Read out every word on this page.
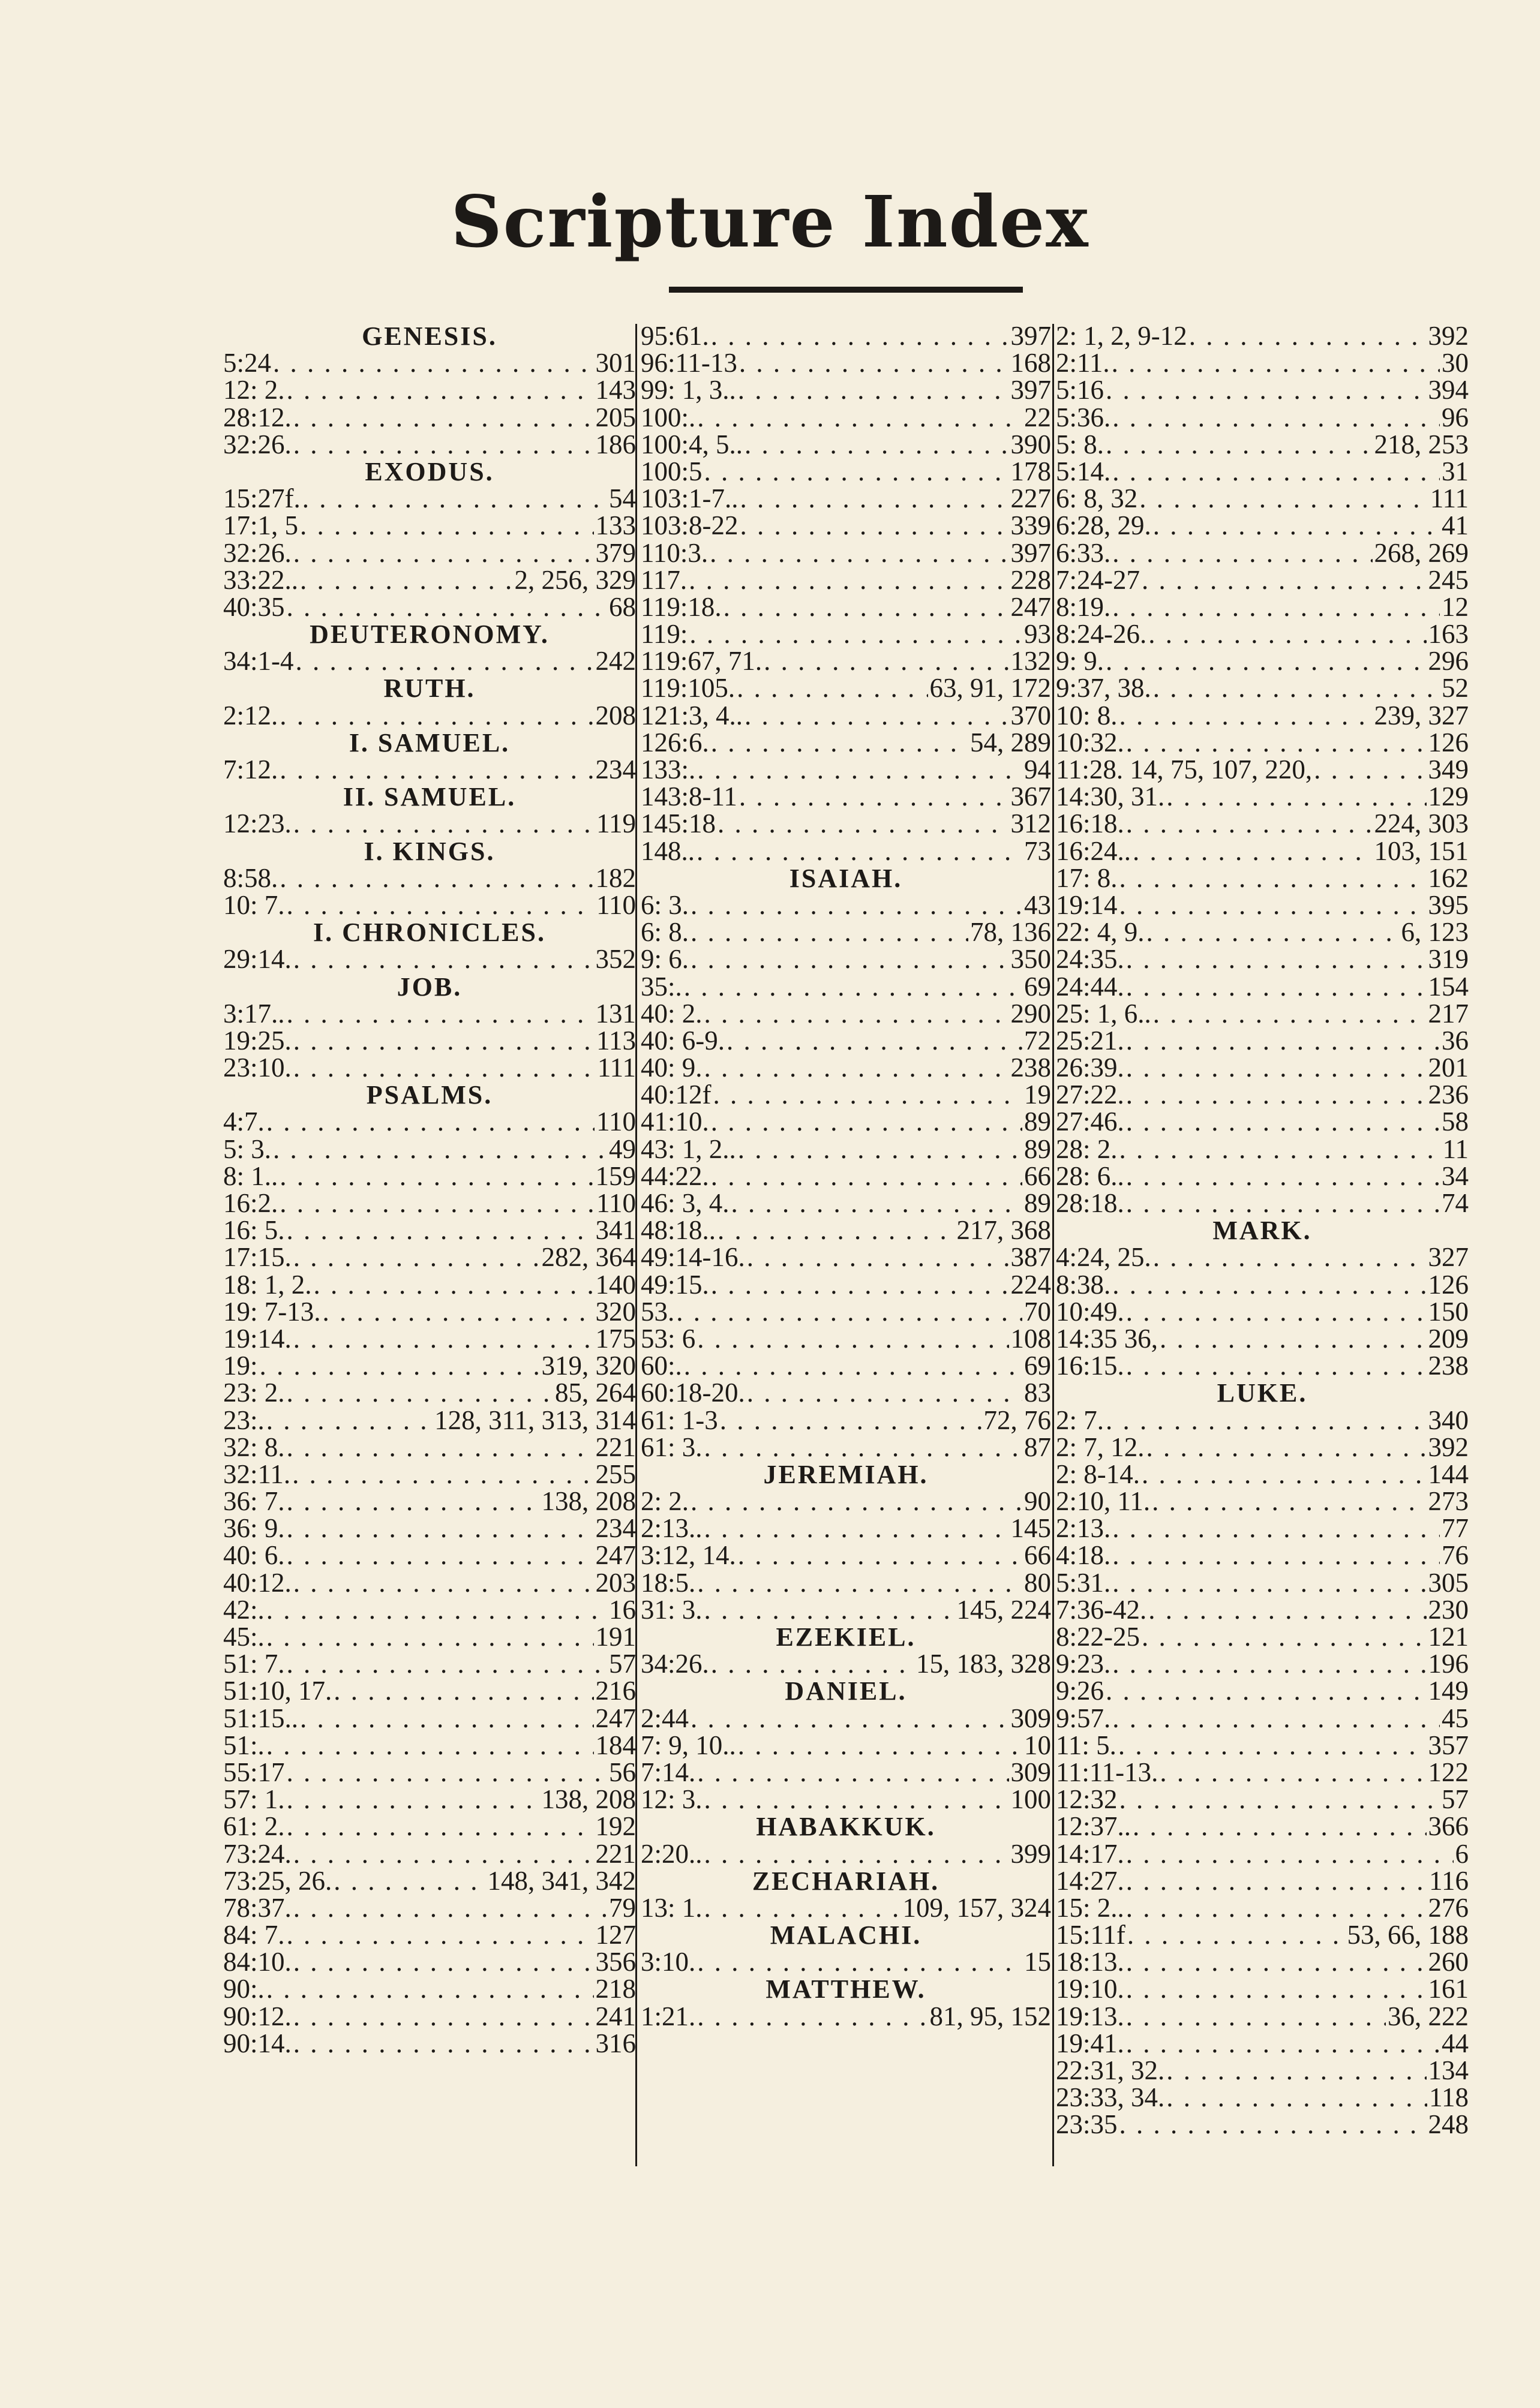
Scripture Index
GENESIS.
5:24 . . .	301
12: 2. . . .	143
28:12. . . .	205
32:26. . . .	186
EXODUS.
15:27f. . . .	54
17:1, 5 . . .	133
32:26. . . .	379
33:22.. . . .	2, 256, 329
40:35 . . .	68
DEUTERONOMY.
34:1-4 . . .	242
RUTH.
2:12. . . .	208
I. SAMUEL.
7:12. . . .	234
II. SAMUEL.
12:23. . . .	119
I. KINGS.
8:58. . . .	182
10: 7. . . .	110
I. CHRONICLES.
29:14. . . .	352
JOB.
3:17.. . . .	131
19:25. . . .	113
23:10. . . .	111
PSALMS.
4:7. . . .	110
5: 3. . . .	49
8: 1.. . . .	159
16:2. . . .	110
16: 5. . . .	341
17:15. . . .	282, 364
18: 1, 2. . . .	140
19: 7-13. . . .	320
19:14. . . .	175
19: . . .	319, 320
23: 2. . . .	85, 264
23:. . . .	128, 311, 313, 314
32: 8. . . .	221
32:11. . . .	255
36: 7. . . .	138, 208
36: 9. . . .	234
40: 6. . . .	247
40:12. . . .	203
42:. . . .	16
45:. . . .	191
51: 7. . . .	57
51:10, 17. . . .	216
51:15.. . . .	247
51:. . . .	184
55:17 . . .	56
57: 1. . . .	138, 208
61: 2. . . .	192
73:24. . . .	221
73:25, 26. . . .	148, 341, 342
78:37. . . .	79
84: 7. . . .	127
84:10. . . .	356
90:. . . .	218
90:12. . . .	241
90:14. . . .	316
95:61. . . .	397
96:11-13 . . .	168
99: 1, 3.. . . .	397
100:. . . .	22
100:4, 5.. . . .	390
100:5 . . .	178
103:1-7.. . . .	227
103:8-22 . . .	339
110:3. . . .	397
117. . . .	228
119:18. . . .	247
119: . . .	93
119:67, 71. . . .	132
119:105. . . .	63, 91, 172
121:3, 4.. . . .	370
126:6. . . .	54, 289
133:. . . .	94
143:8-11 . . .	367
145:18 . . .	312
148.. . . .	73
ISAIAH.
6: 3. . . .	43
6: 8. . . .	78, 136
9: 6. . . .	350
35:. . . .	69
40: 2. . . .	290
40: 6-9. . . .	72
40: 9. . . .	238
40:12f . . .	19
41:10. . . .	89
43: 1, 2.. . . .	89
44:22. . . .	66
46: 3, 4. . . .	89
48:18.. . . .	217, 368
49:14-16. . . .	387
49:15. . . .	224
53. . . .	70
53: 6 . . .	108
60:. . . .	69
60:18-20. . . .	83
61: 1-3 . . .	72, 76
61: 3. . . .	87
JEREMIAH.
2: 2. . . .	90
2:13.. . . .	145
3:12, 14. . . .	66
18:5. . . .	80
31: 3. . . .	145, 224
EZEKIEL.
34:26. . . .	15, 183, 328
DANIEL.
2:44 . . .	309
7: 9, 10.. . . .	10
7:14. . . .	309
12: 3. . . .	100
HABAKKUK.
2:20.. . . .	399
ZECHARIAH.
13: 1. . . .	109, 157, 324
MALACHI.
3:10. . . .	15
MATTHEW.
1:21. . . .	81, 95, 152
2: 1, 2, 9-12 . . .	392
2:11. . . .	30
5:16 . . .	394
5:36. . . .	96
5: 8. . . .	218, 253
5:14. . . .	31
6: 8, 32 . . .	111
6:28, 29. . . .	41
6:33. . . .	268, 269
7:24-27 . . .	245
8:19. . . .	12
8:24-26. . . .	163
9: 9. . . .	296
9:37, 38. . . .	52
10: 8. . . .	239, 327
10:32. . . .	126
11:28. 14, 75, 107, 220, . . .	349
14:30, 31. . . .	129
16:18. . . .	224, 303
16:24.. . . .	103, 151
17: 8. . . .	162
19:14 . . .	395
22: 4, 9. . . .	6, 123
24:35. . . .	319
24:44. . . .	154
25: 1, 6.. . . .	217
25:21. . . .	36
26:39. . . .	201
27:22. . . .	236
27:46. . . .	58
28: 2. . . .	11
28: 6.. . . .	34
28:18. . . .	74
MARK.
4:24, 25. . . .	327
8:38. . . .	126
10:49. . . .	150
14:35 36, . . .	209
16:15. . . .	238
LUKE.
2: 7. . . .	340
2: 7, 12. . . .	392
2: 8-14. . . .	144
2:10, 11. . . .	273
2:13. . . .	77
4:18. . . .	76
5:31. . . .	305
7:36-42. . . .	230
8:22-25 . . .	121
9:23. . . .	196
9:26 . . .	149
9:57. . . .	45
11: 5. . . .	357
11:11-13. . . .	122
12:32 . . .	57
12:37.. . . .	366
14:17. . . .	6
14:27. . . .	116
15: 2.. . . .	276
15:11f . . .	53, 66, 188
18:13. . . .	260
19:10. . . .	161
19:13. . . .	36, 222
19:41. . . .	44
22:31, 32. . . .	134
23:33, 34. . . .	118
23:35 . . .	248
